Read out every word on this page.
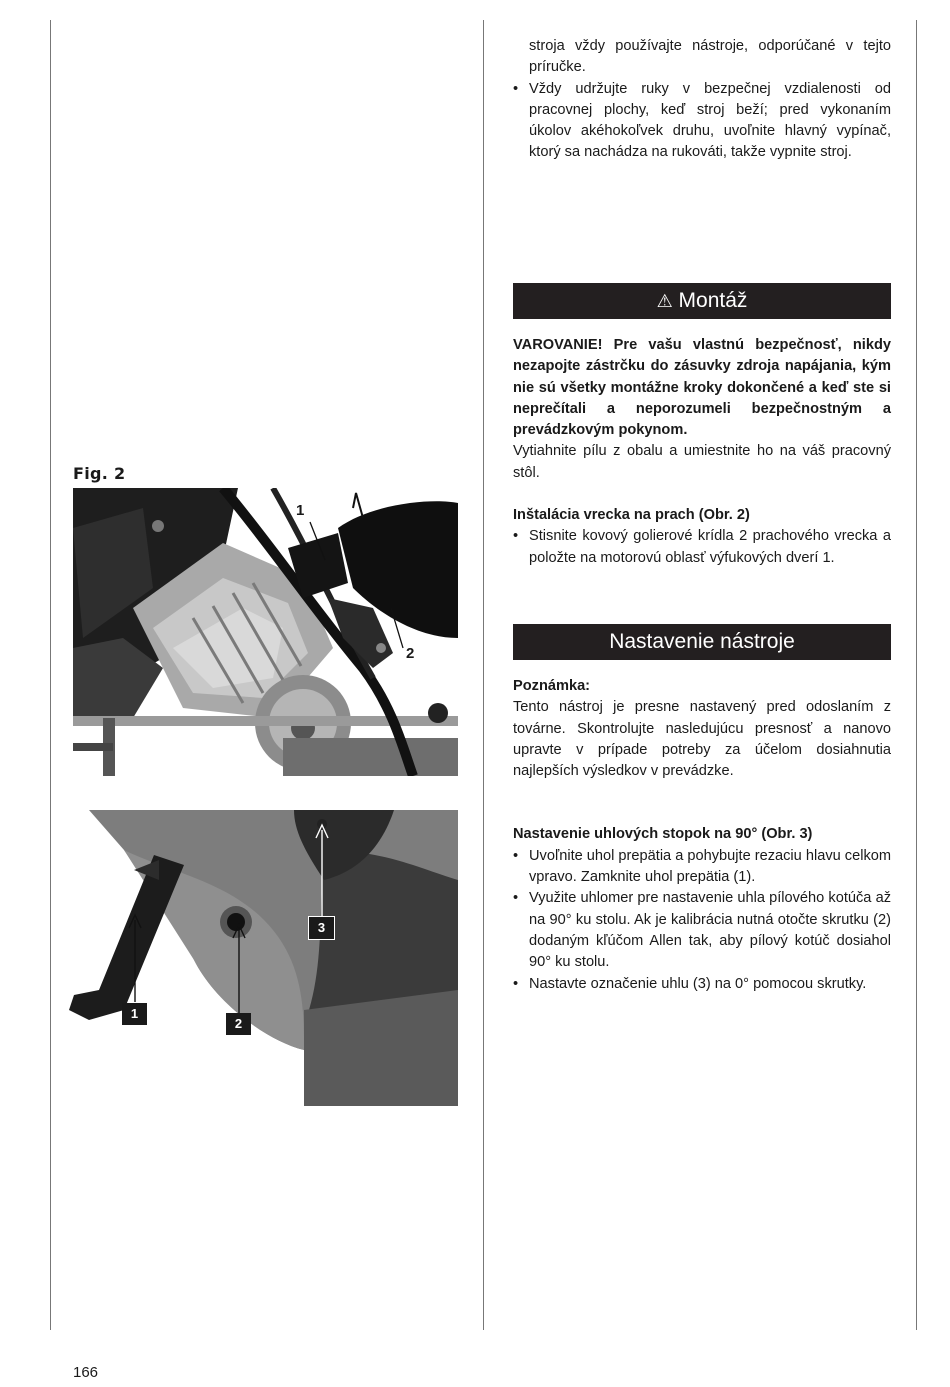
stroja vždy používajte nástroje, odporúčané v tejto príručke.

• Vždy udržujte ruky v bezpečnej vzdialenosti od pracovnej plochy, keď stroj beží; pred vykonaním úkolov akéhokoľvek druhu, uvoľnite hlavný vypínač, ktorý sa nachádza na rukováti, takže vypnite stroj.

⚠ Montáž

VAROVANIE! Pre vašu vlastnú bezpečnosť, nikdy nezapojte zástrčku do zásuvky zdroja napájania, kým nie sú všetky montážne kroky dokončené a keď ste si neprečítali a neporozumeli bezpečnostným a prevádzkovým pokynom.

Vytiahnite pílu z obalu a umiestnite ho na váš pracovný stôl.

Inštalácia vrecka na prach (Obr. 2)

• Stisnite kovový golierové krídla 2 prachového vrecka a položte na motorovú oblasť výfukových dverí 1.

Nastavenie nástroje

Poznámka:

Tento nástroj je presne nastavený pred odoslaním z továrne. Skontrolujte nasledujúcu presnosť a nanovo upravte v prípade potreby za účelom dosiahnutia najlepších výsledkov v prevádzke.

Nastavenie uhlových stopok na 90° (Obr. 3)

• Uvoľnite uhol prepätia a pohybujte rezaciu hlavu celkom vpravo. Zamknite uhol prepätia (1).

• Využite uhlomer pre nastavenie uhla pílového kotúča až na 90° ku stolu. Ak je kalibrácia nutná otočte skrutku (2) dodaným kľúčom Allen tak, aby pílový kotúč dosiahol 90° ku stolu.

• Nastavte označenie uhlu (3) na 0° pomocou skrutky.

Fig. 2
1
2
1
2
3
166
